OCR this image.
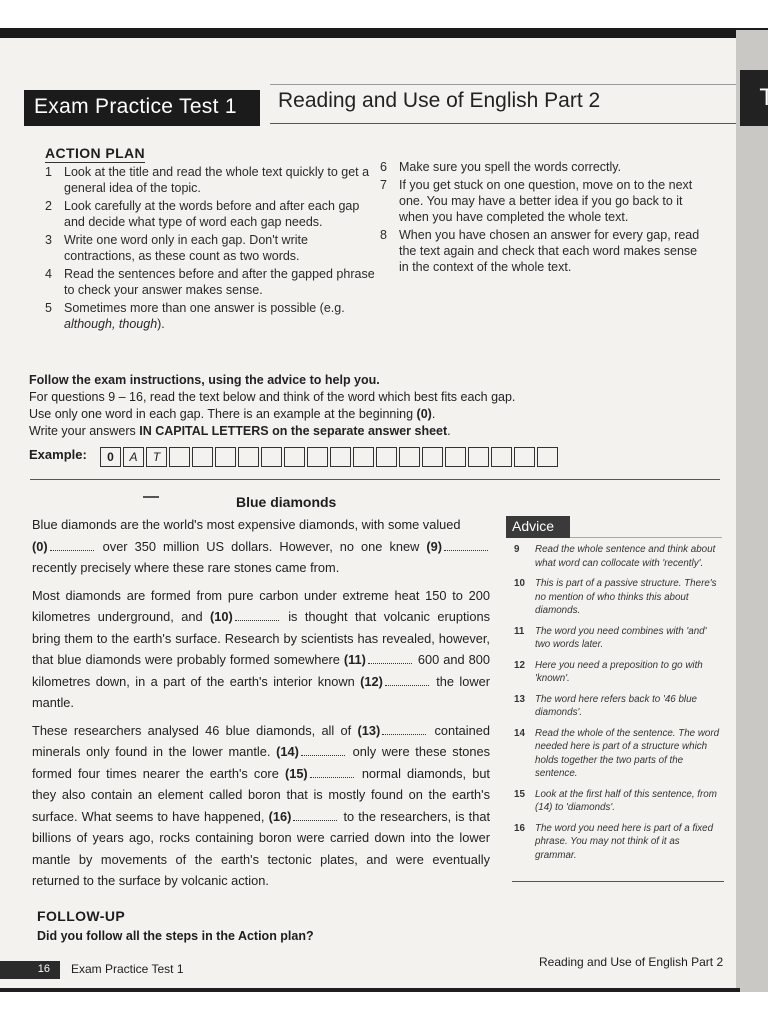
T
Exam Practice Test 1	Reading and Use of English Part 2
ACTION PLAN
1 Look at the title and read the whole text quickly to get a general idea of the topic.
2 Look carefully at the words before and after each gap and decide what type of word each gap needs.
3 Write one word only in each gap. Don't write contractions, as these count as two words.
4 Read the sentences before and after the gapped phrase to check your answer makes sense.
5 Sometimes more than one answer is possible (e.g. although, though).
6 Make sure you spell the words correctly.
7 If you get stuck on one question, move on to the next one. You may have a better idea if you go back to it when you have completed the whole text.
8 When you have chosen an answer for every gap, read the text again and check that each word makes sense in the context of the whole text.
Follow the exam instructions, using the advice to help you.
For questions 9 – 16, read the text below and think of the word which best fits each gap.
Use only one word in each gap. There is an example at the beginning (0).
Write your answers IN CAPITAL LETTERS on the separate answer sheet.
Example:	0	A	T
Blue diamonds

Blue diamonds are the world's most expensive diamonds, with some valued
(0)	over 350 million US dollars. However, no one knew (9) recently precisely where these rare stones came from.

Most diamonds are formed from pure carbon under extreme heat 150 to 200 kilometres underground, and (10)	is thought that volcanic eruptions bring them to the earth's surface. Research by scientists has revealed, however, that blue diamonds were probably formed somewhere (11)	600 and 800 kilometres down, in a part of the earth's interior known (12)	the lower mantle.

These researchers analysed 46 blue diamonds, all of (13)	contained minerals only found in the lower mantle. (14)	only were these stones formed four times nearer the earth's core (15)	normal diamonds, but they also contain an element called boron that is mostly found on the earth's surface. What seems to have happened, (16)	to the researchers, is that billions of years ago, rocks containing boron were carried down into the lower mantle by movements of the earth's tectonic plates, and were eventually returned to the surface by volcanic action.

Advice
9 Read the whole sentence and think about what word can collocate with 'recently'.
10 This is part of a passive structure. There's no mention of who thinks this about diamonds.
11 The word you need combines with 'and' two words later.
12 Here you need a preposition to go with 'known'.
13 The word here refers back to '46 blue diamonds'.
14 Read the whole of the sentence. The word needed here is part of a structure which holds together the two parts of the sentence.
15 Look at the first half of this sentence, from (14) to 'diamonds'.
16 The word you need here is part of a fixed phrase. You may not think of it as grammar.
FOLLOW-UP
Did you follow all the steps in the Action plan?
16	Exam Practice Test 1	Reading and Use of English Part 2
